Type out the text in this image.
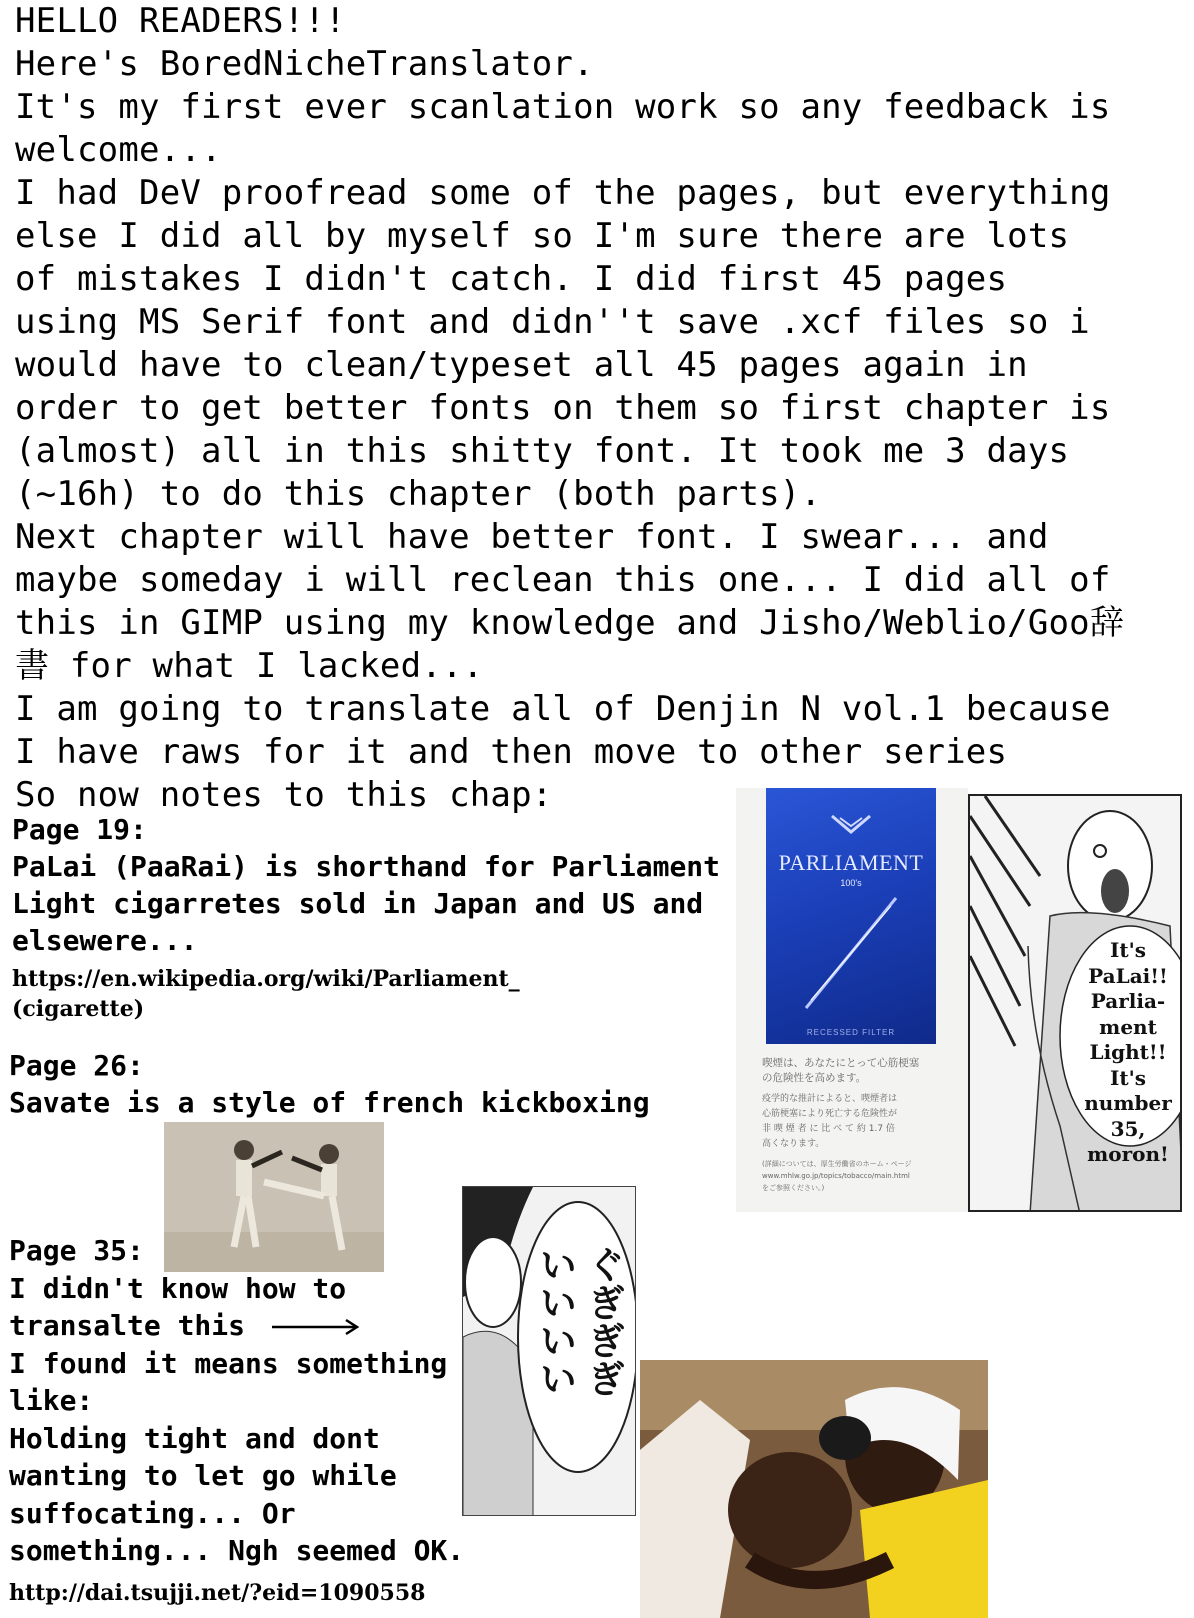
HELLO READERS!!!

Here's BoredNicheTranslator.

It's my first ever scanlation work so any feedback is

welcome...

I had DeV proofread some of the pages, but everything

else I did all by myself so I'm sure there are lots

of mistakes I didn't catch. I did first 45 pages

using MS Serif font and didn''t save .xcf files so i

would have to clean/typeset all 45 pages again in

order to get better fonts on them so first chapter is

(almost) all in this shitty font. It took me 3 days

(~16h) to do this chapter (both parts).

Next chapter will have better font. I swear... and

maybe someday i will reclean this one... I did all of

this in GIMP using my knowledge and Jisho/Weblio/Goo辞

書 for what I lacked...

I am going to translate all of Denjin N vol.1 because

I have raws for it and then move to other series

So now notes to this chap:

Page 19:
PaLai (PaaRai) is shorthand for Parliament
Light cigarretes sold in Japan and US and
elsewere...
https://en.wikipedia.org/wiki/Parliament_
(cigarette)
Page 26:
Savate is a style of french kickboxing
Page 35:
I didn't know how to
transalte this
I found it means something
like:
Holding tight and dont
wanting to let go while
suffocating... Or
something... Ngh seemed OK.
http://dai.tsujji.net/?eid=1090558
PARLIAMENT
100's
RECESSED FILTER
喫煙は、あなたにとって心筋梗塞
の危険性を高めます。
疫学的な推計によると、喫煙者は
心筋梗塞により死亡する危険性が
非 喫 煙 者 に 比 べ て 約 1.7 倍
高くなります。
(詳細については、厚生労働省のホーム・ページ
www.mhlw.go.jp/topics/tobacco/main.html
をご参照ください。)
It's
PaLai!!
Parlia-
ment
Light!!
It's
number
35,
moron!
ぐぎぎぎ
いいいい
